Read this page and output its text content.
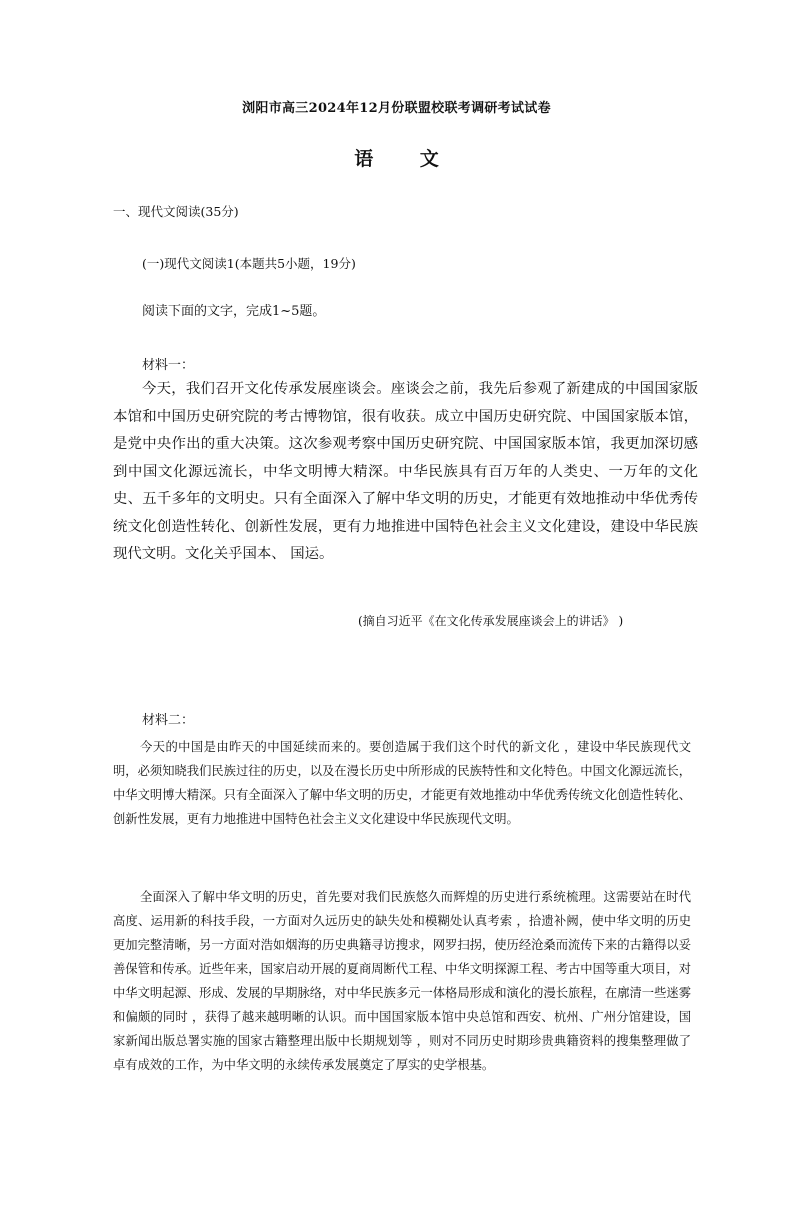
浏阳市高三2024年12月份联盟校联考调研考试试卷
语 文
一、现代文阅读(35分)
(一)现代文阅读1(本题共5小题，19分)
阅读下面的文字，完成1~5题。
材料一：

今天，我们召开文化传承发展座谈会。座谈会之前，我先后参观了新建成的中国国家版本馆和中国历史研究院的考古博物馆，很有收获。成立中国历史研究院、中国国家版本馆，是党中央作出的重大决策。这次参观考察中国历史研究院、中国国家版本馆，我更加深切感到中国文化源远流长，中华文明博大精深。中华民族具有百万年的人类史、一万年的文化史、五千多年的文明史。只有全面深入了解中华文明的历史，才能更有效地推动中华优秀传统文化创造性转化、创新性发展，更有力地推进中国特色社会主义文化建设，建设中华民族现代文明。文化关乎国本、 国运。

(摘自习近平《在文化传承发展座谈会上的讲话》 )
材料二：

今天的中国是由昨天的中国延续而来的。要创造属于我们这个时代的新文化 ，建设中华民族现代文明，必须知晓我们民族过往的历史，以及在漫长历史中所形成的民族特性和文化特色。中国文化源远流长，中华文明博大精深。只有全面深入了解中华文明的历史，才能更有效地推动中华优秀传统文化创造性转化、创新性发展，更有力地推进中国特色社会主义文化建设中华民族现代文明。

全面深入了解中华文明的历史，首先要对我们民族悠久而辉煌的历史进行系统梳理。这需要站在时代高度、运用新的科技手段，一方面对久远历史的缺失处和模糊处认真考索 ，拾遗补阙，使中华文明的历史更加完整清晰，另一方面对浩如烟海的历史典籍寻访搜求，网罗扫拐，使历经沧桑而流传下来的古籍得以妥善保管和传承。近些年来，国家启动开展的夏商周断代工程、中华文明探源工程、考古中国等重大项目，对中华文明起源、形成、发展的早期脉络，对中华民族多元一体格局形成和演化的漫长旅程，在廓清一些迷雾和偏颇的同时 ，获得了越来越明晰的认识。而中国国家版本馆中央总馆和西安、杭州、广州分馆建设，国家新闻出版总署实施的国家古籍整理出版中长期规划等 ，则对不同历史时期珍贵典籍资料的搜集整理做了卓有成效的工作，为中华文明的永续传承发展奠定了厚实的史学根基。
